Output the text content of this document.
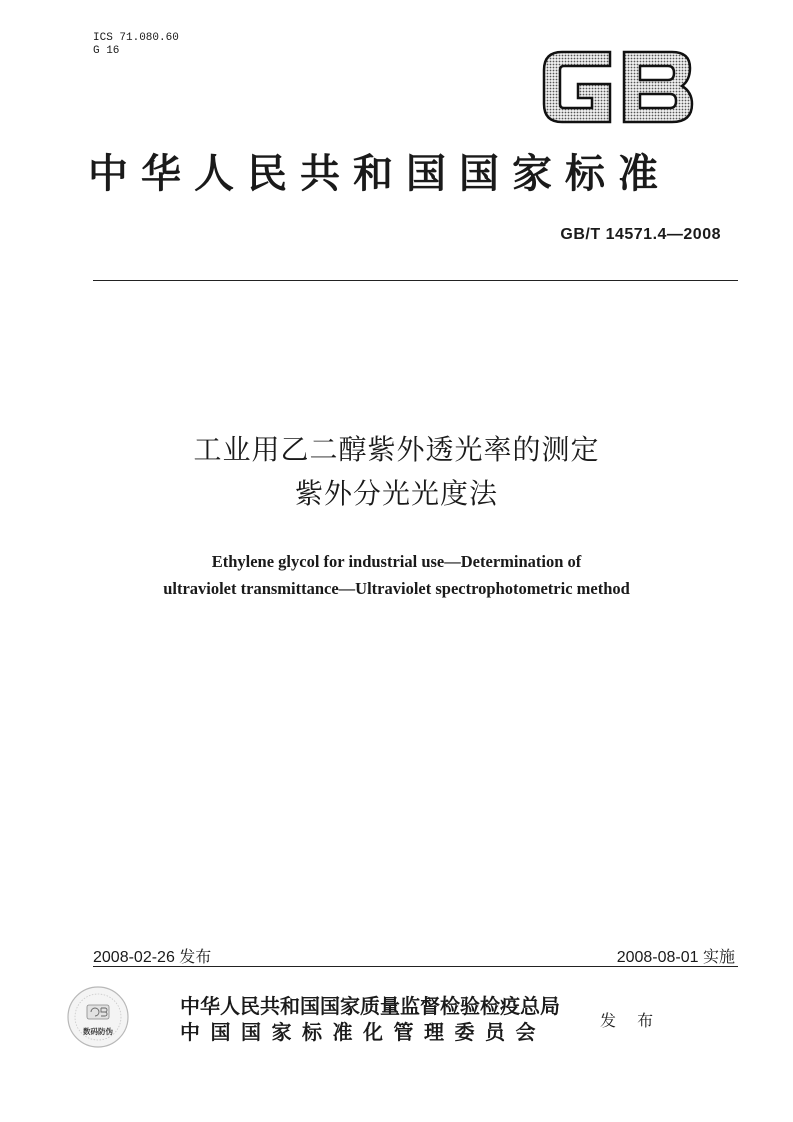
ICS 71.080.60
G 16
中华人民共和国国家标准
GB/T 14571.4—2008
工业用乙二醇紫外透光率的测定
紫外分光光度法
Ethylene glycol for industrial use—Determination of
ultraviolet transmittance—Ultraviolet spectrophotometric method
2008-02-26 发布	2008-08-01 实施
数码防伪
中华人民共和国国家质量监督检验检疫总局
中国国家标准化管理委员会	发 布
